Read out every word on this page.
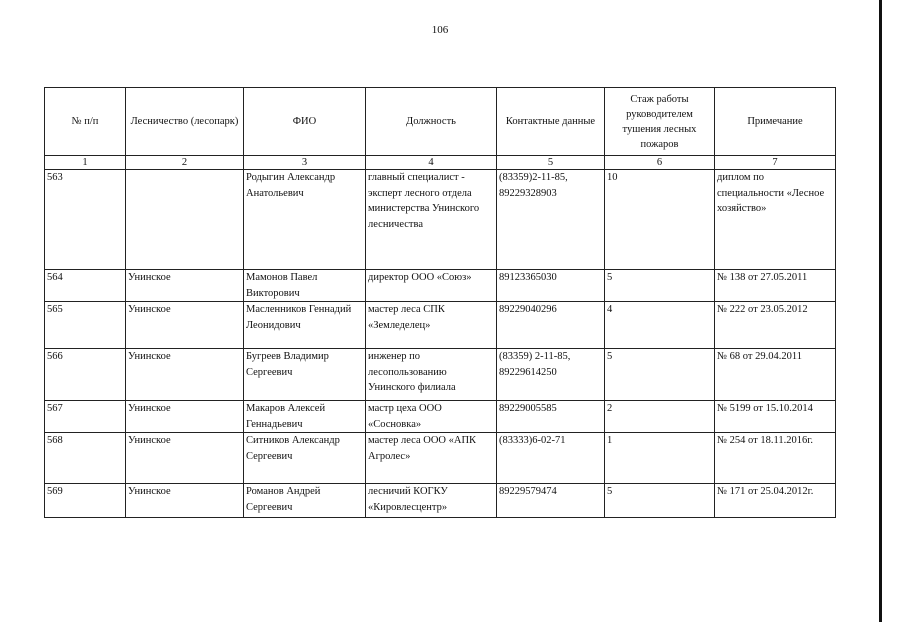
106
№ п/п	Лесничество (лесопарк)	ФИО	Должность	Контактные данные	Стаж работы руководителем тушения лесных пожаров	Примечание
1	2	3	4	5	6	7
563		Родыгин Александр Анатольевич	главный специалист - эксперт лесного отдела министерства Унинского лесничества	(83359)2-11-85, 89229328903	10	диплом по специальности «Лесное хозяйство»
564	Унинское	Мамонов Павел Викторович	директор ООО «Союз»	89123365030	5	№ 138 от 27.05.2011
565	Унинское	Масленников Геннадий Леонидович	мастер леса СПК «Земледелец»	89229040296	4	№ 222 от 23.05.2012
566	Унинское	Бугреев Владимир Сергеевич	инженер по лесопользованию Унинского филиала	(83359) 2-11-85, 89229614250	5	№ 68 от 29.04.2011
567	Унинское	Макаров Алексей Геннадьевич	мастр цеха ООО «Сосновка»	89229005585	2	№ 5199 от 15.10.2014
568	Унинское	Ситников Александр Сергеевич	мастер леса ООО «АПК Агролес»	(83333)6-02-71	1	№ 254 от 18.11.2016г.
569	Унинское	Романов Андрей Сергеевич	лесничий КОГКУ «Кировлесцентр»	89229579474	5	№ 171 от 25.04.2012г.
